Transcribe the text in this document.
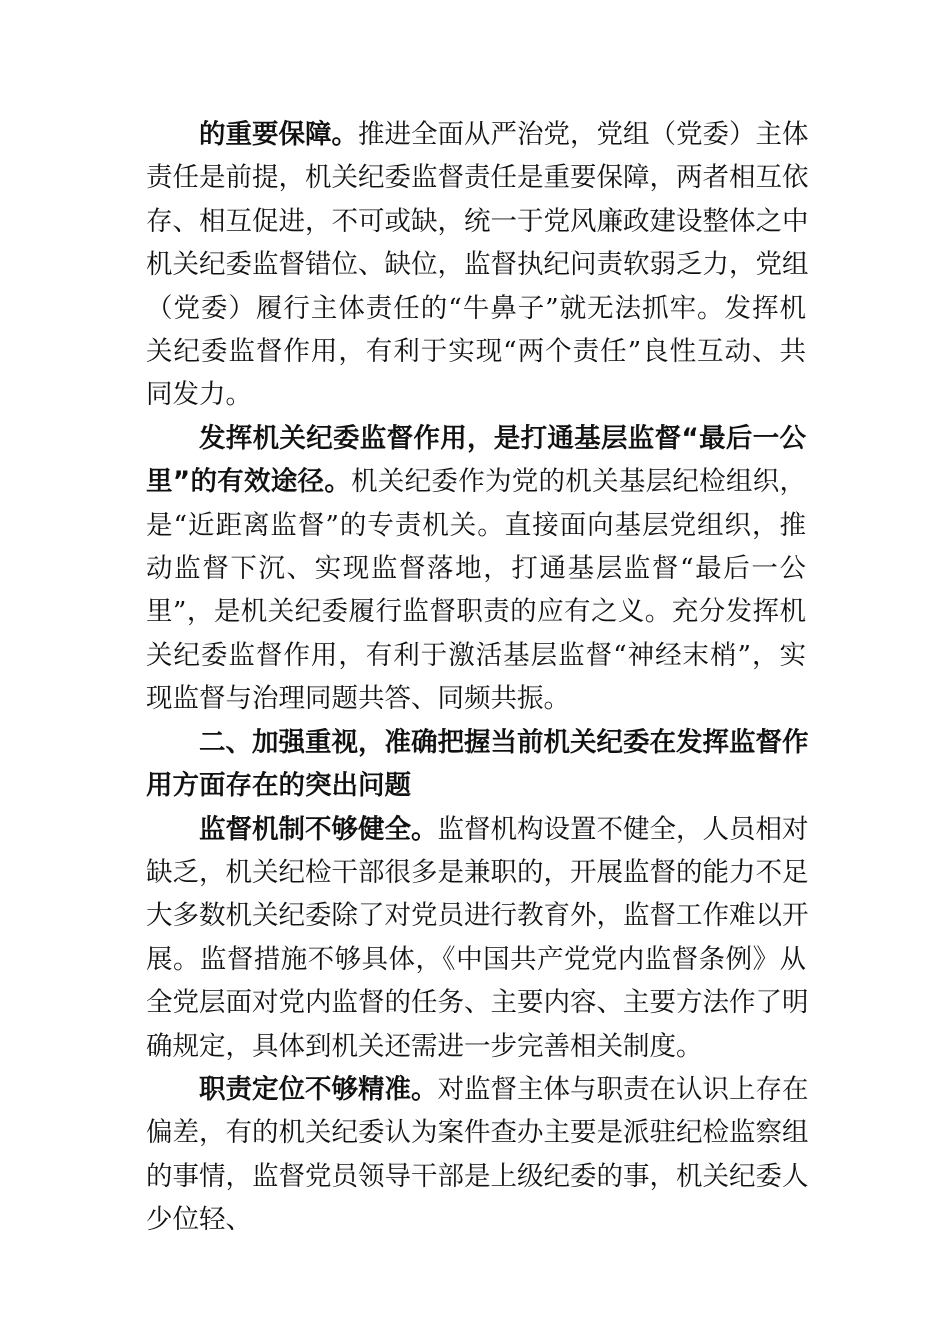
的重要保障。推进全面从严治党，党组（党委）主体
责任是前提，机关纪委监督责任是重要保障，两者相互依
存、相互促进，不可或缺，统一于党风廉政建设整体之中
机关纪委监督错位、缺位，监督执纪问责软弱乏力，党组
（党委）履行主体责任的“牛鼻子”就无法抓牢。发挥机
关纪委监督作用，有利于实现“两个责任”良性互动、共
同发力。
发挥机关纪委监督作用，是打通基层监督“最后一公
里”的有效途径。机关纪委作为党的机关基层纪检组织，
是“近距离监督”的专责机关。直接面向基层党组织，推
动监督下沉、实现监督落地，打通基层监督“最后一公
里”，是机关纪委履行监督职责的应有之义。充分发挥机
关纪委监督作用，有利于激活基层监督“神经末梢”，实
现监督与治理同题共答、同频共振。
二、加强重视，准确把握当前机关纪委在发挥监督作
用方面存在的突出问题
监督机制不够健全。监督机构设置不健全，人员相对
缺乏，机关纪检干部很多是兼职的，开展监督的能力不足
大多数机关纪委除了对党员进行教育外，监督工作难以开
展。监督措施不够具体，《中国共产党党内监督条例》从
全党层面对党内监督的任务、主要内容、主要方法作了明
确规定，具体到机关还需进一步完善相关制度。
职责定位不够精准。对监督主体与职责在认识上存在
偏差，有的机关纪委认为案件查办主要是派驻纪检监察组
的事情，监督党员领导干部是上级纪委的事，机关纪委人
少位轻、
